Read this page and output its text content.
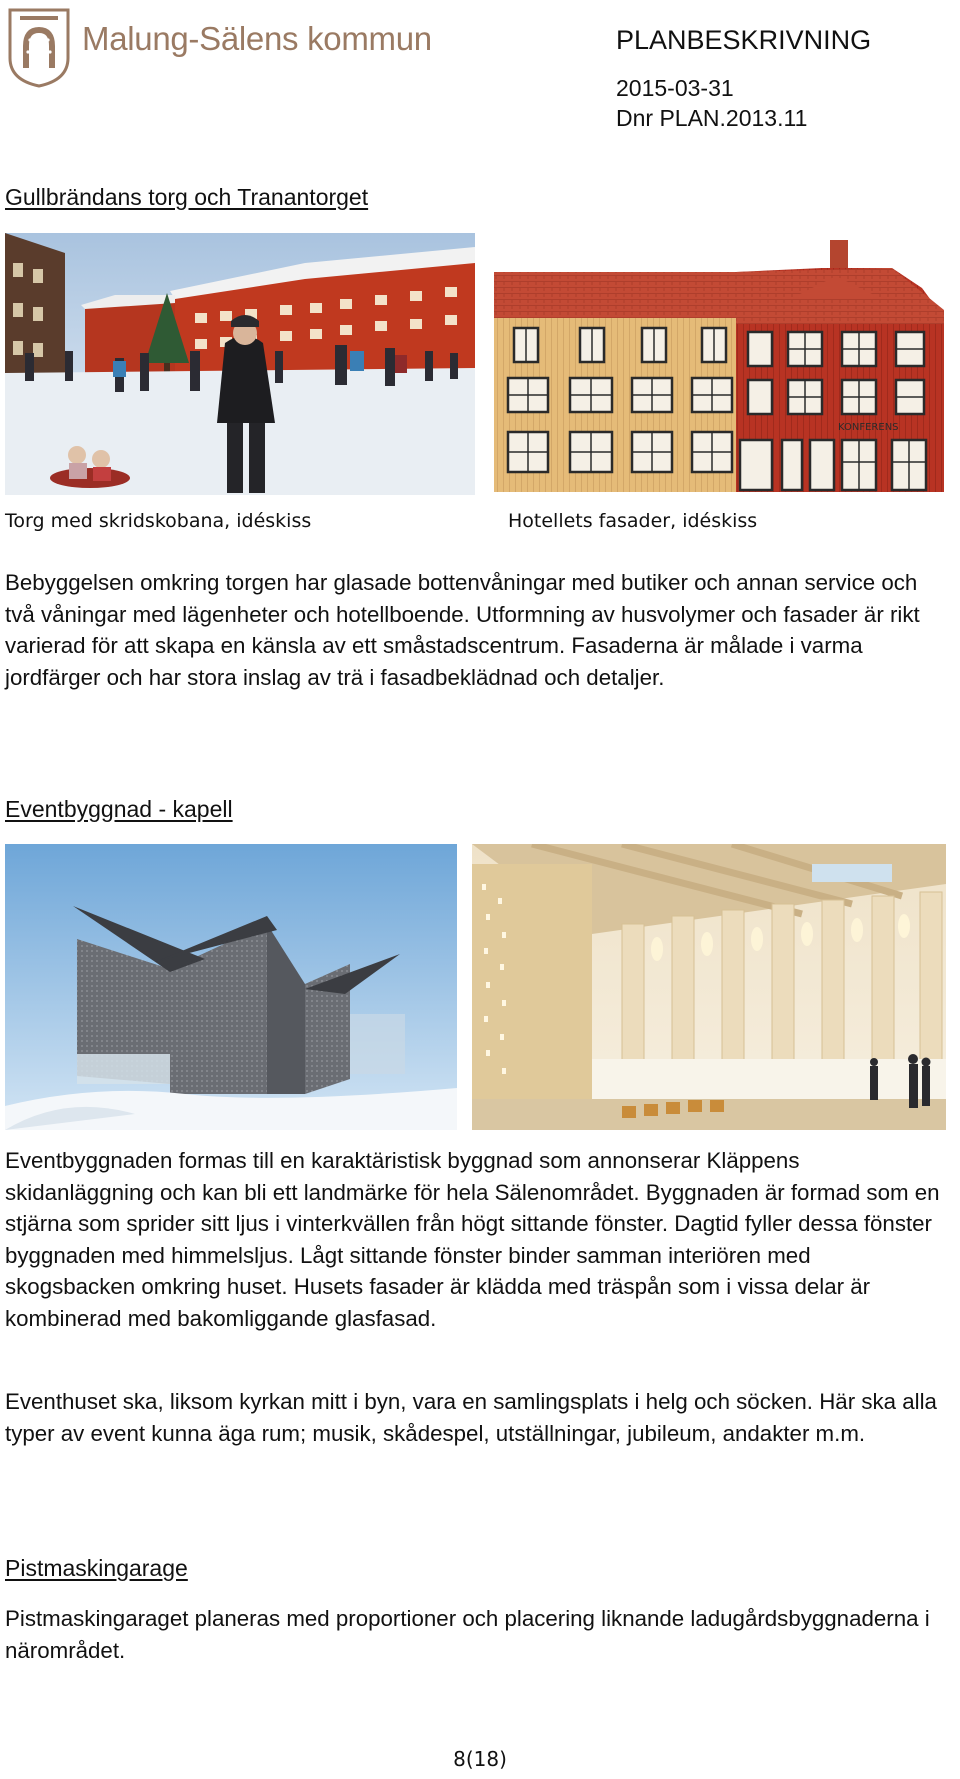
Malung-Sälens kommun	PLANBESKRIVNING
2015-03-31
Dnr PLAN.2013.11
Gullbrändans torg och Tranantorget
KONFERENS
Torg med skridskobana, idéskiss	Hotellets fasader, idéskiss

Bebyggelsen omkring torgen har glasade bottenvåningar med butiker och annan service och två våningar med lägenheter och hotellboende. Utformning av husvolymer och fasader är rikt varierad för att skapa en känsla av ett småstadscentrum. Fasaderna är målade i varma jordfärger och har stora inslag av trä i fasadbeklädnad och detaljer.

Eventbyggnad - kapell

Eventbyggnaden formas till en karaktäristisk byggnad som annonserar Kläppens skidanläggning och kan bli ett landmärke för hela Sälenområdet. Byggnaden är formad som en stjärna som sprider sitt ljus i vinterkvällen från högt sittande fönster. Dagtid fyller dessa fönster byggnaden med himmelsljus. Lågt sittande fönster binder samman interiören med skogsbacken omkring huset. Husets fasader är klädda med träspån som i vissa delar är kombinerad med bakomliggande glasfasad.

Eventhuset ska, liksom kyrkan mitt i byn, vara en samlingsplats i helg och söcken. Här ska alla typer av event kunna äga rum; musik, skådespel, utställningar, jubileum, andakter m.m.

Pistmaskingarage

Pistmaskingaraget planeras med proportioner och placering liknande ladugårdsbyggnaderna i närområdet.

8(18)
